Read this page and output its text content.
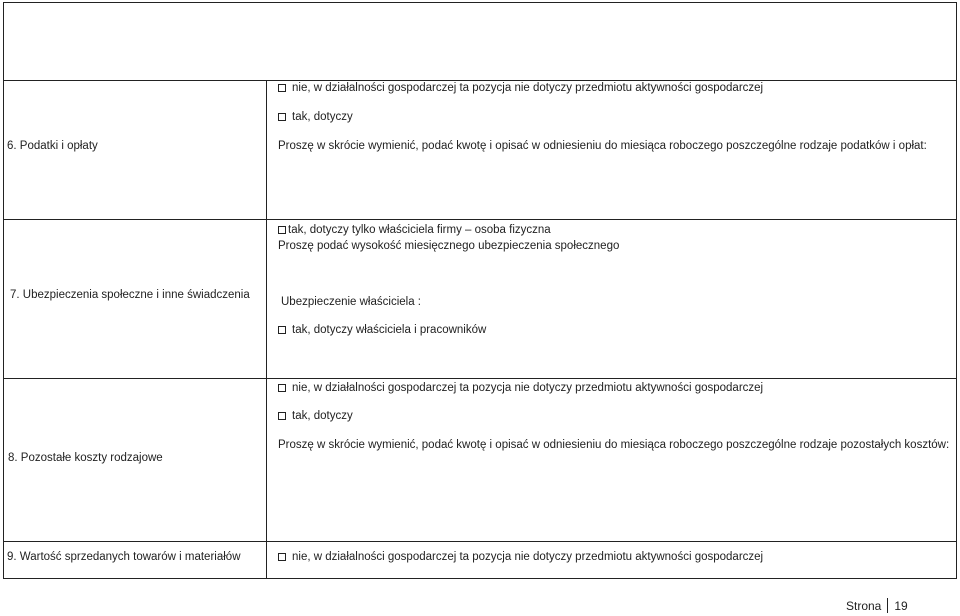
nie, w działalności gospodarczej ta pozycja nie dotyczy przedmiotu aktywności gospodarczej
tak, dotyczy
6. Podatki i opłaty	Proszę w skrócie wymienić, podać kwotę i opisać w odniesieniu do miesiąca roboczego poszczególne rodzaje podatków i opłat:
tak, dotyczy tylko właściciela firmy – osoba fizyczna
Proszę podać wysokość miesięcznego ubezpieczenia społecznego
7. Ubezpieczenia społeczne i inne świadczenia
Ubezpieczenie właściciela :
tak, dotyczy właściciela i pracowników
nie, w działalności gospodarczej ta pozycja nie dotyczy przedmiotu aktywności gospodarczej
tak, dotyczy
Proszę w skrócie wymienić, podać kwotę i opisać w odniesieniu do miesiąca roboczego poszczególne rodzaje pozostałych kosztów:
8. Pozostałe koszty rodzajowe
9. Wartość sprzedanych towarów i materiałów	nie, w działalności gospodarczej ta pozycja nie dotyczy przedmiotu aktywności gospodarczej
Strona 19
